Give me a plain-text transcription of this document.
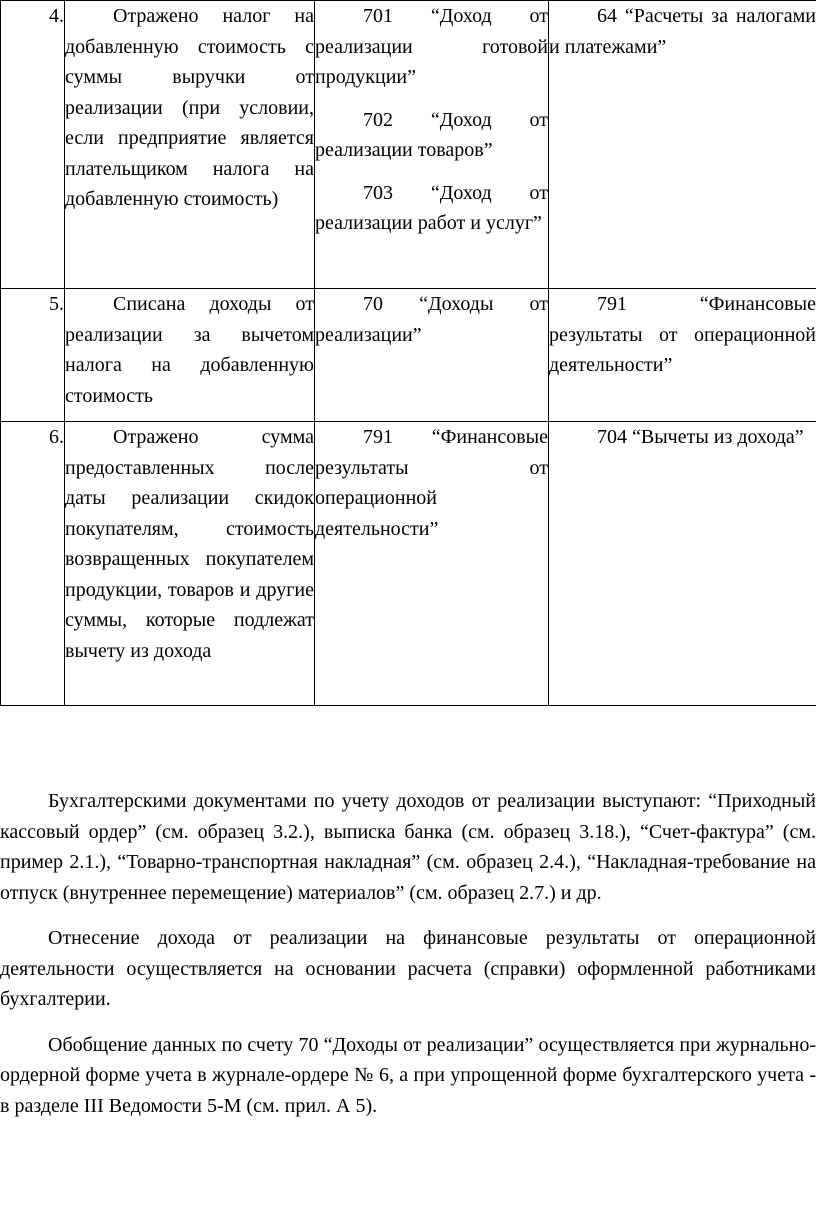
4.	Отражено налог на добавленную стоимость с суммы выручки от реализации (при условии, если предприятие является плательщиком налога на добавленную стоимость)	701 “Доход от реализации готовой продукции”

702 “Доход от реализации товаров”

703 “Доход от реализации работ и услуг”	64 “Расчеты за налогами и платежами”

5.	Списана доходы от реализации за вычетом налога на добавленную стоимость	70 “Доходы от реализации”	791 “Финансовые результаты от операционной деятельности”

6.	Отражено сумма предоставленных после даты реализации скидок покупателям, стоимость возвращенных покупателем продукции, товаров и другие суммы, которые подлежат вычету из дохода	791 “Финансовые результаты от операционной деятельности”	704 “Вычеты из дохода”

Бухгалтерскими документами по учету доходов от реализации выступают: “Приходный кассовый ордер” (см. образец 3.2.), выписка банка (см. образец 3.18.), “Счет-фактура” (см. пример 2.1.), “Товарно-транспортная накладная” (см. образец 2.4.), “Накладная-требование на отпуск (внутреннее перемещение) материалов” (см. образец 2.7.) и др.

Отнесение дохода от реализации на финансовые результаты от операционной деятельности осуществляется на основании расчета (справки) оформленной работниками бухгалтерии.

Обобщение данных по счету 70 “Доходы от реализации” осуществляется при журнально-ордерной форме учета в журнале-ордере № 6, а при упрощенной форме бухгалтерского учета - в разделе III Ведомости 5-М (см. прил. А 5).
